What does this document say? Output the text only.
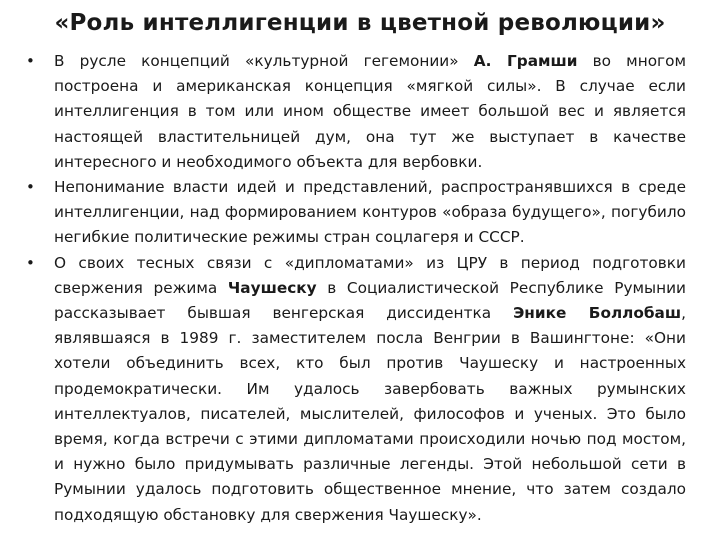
«Роль интеллигенции в цветной революции»
• В русле концепций «культурной гегемонии» А. Грамши во многом построена и американская концепция «мягкой силы». В случае если интеллигенция в том или ином обществе имеет большой вес и является настоящей властительницей дум, она тут же выступает в качестве интересного и необходимого объекта для вербовки.
• Непонимание власти идей и представлений, распространявшихся в среде интеллигенции, над формированием контуров «образа будущего», погубило негибкие политические режимы стран соцлагеря и СССР.
• О своих тесных связи с «дипломатами» из ЦРУ в период подготовки свержения режима Чаушеску в Социалистической Республике Румынии рассказывает бывшая венгерская диссидентка Энике Боллобаш, являвшаяся в 1989 г. заместителем посла Венгрии в Вашингтоне: «Они хотели объединить всех, кто был против Чаушеску и настроенных продемократически. Им удалось завербовать важных румынских интеллектуалов, писателей, мыслителей, философов и ученых. Это было время, когда встречи с этими дипломатами происходили ночью под мостом, и нужно было придумывать различные легенды. Этой небольшой сети в Румынии удалось подготовить общественное мнение, что затем создало подходящую обстановку для свержения Чаушеску».
